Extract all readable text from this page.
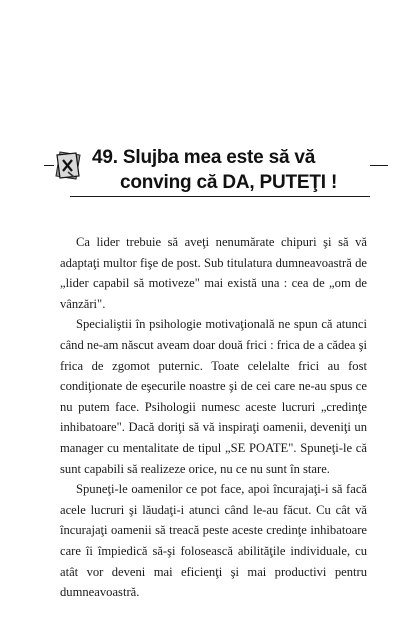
49. Slujba mea este să vă
conving că DA, PUTEŢI !

Ca lider trebuie să aveţi nenumărate chipuri şi să vă adaptaţi multor fişe de post. Sub titulatura dumneavoastră de „lider capabil să motiveze" mai există una : cea de „om de vânzări".

Specialiştii în psihologie motivaţională ne spun că atunci când ne-am născut aveam doar două frici : frica de a cădea şi frica de zgomot puternic. Toate celelalte frici au fost condiţionate de eşecurile noastre şi de cei care ne-au spus ce nu putem face. Psihologii numesc aceste lucruri „credinţe inhibatoare". Dacă doriţi să vă inspiraţi oamenii, deveniţi un manager cu mentalitate de tipul „SE POATE". Spuneţi-le că sunt capabili să realizeze orice, nu ce nu sunt în stare.

Spuneţi-le oamenilor ce pot face, apoi încurajaţi-i să facă acele lucruri şi lăudaţi-i atunci când le-au făcut. Cu cât vă încurajaţi oamenii să treacă peste aceste credinţe inhibatoare care îi împiedică să-şi folosească abilităţile individuale, cu atât vor deveni mai eficienţi şi mai productivi pentru dumneavoastră.
